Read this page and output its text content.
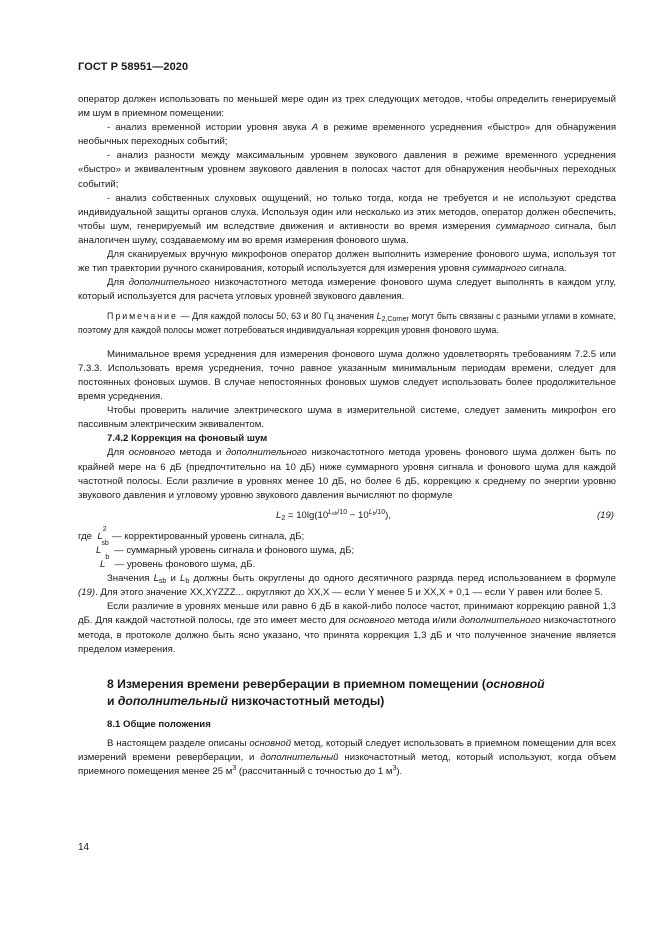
ГОСТ Р 58951—2020

оператор должен использовать по меньшей мере один из трех следующих методов, чтобы определить генерируемый им шум в приемном помещении:

- анализ временной истории уровня звука A в режиме временного усреднения «быстро» для обнаружения необычных переходных событий;

- анализ разности между максимальным уровнем звукового давления в режиме временного усреднения «быстро» и эквивалентным уровнем звукового давления в полосах частот для обнаружения необычных переходных событий;

- анализ собственных слуховых ощущений, но только тогда, когда не требуется и не используют средства индивидуальной защиты органов слуха. Используя один или несколько из этих методов, оператор должен обеспечить, чтобы шум, генерируемый им вследствие движения и активности во время измерения суммарного сигнала, был аналогичен шуму, создаваемому им во время измерения фонового шума.

Для сканируемых вручную микрофонов оператор должен выполнить измерение фонового шума, используя тот же тип траектории ручного сканирования, который используется для измерения уровня суммарного сигнала.

Для дополнительного низкочастотного метода измерение фонового шума следует выполнять в каждом углу, который используется для расчета угловых уровней звукового давления.

Примечание — Для каждой полосы 50, 63 и 80 Гц значения $L_{2,Corner}$ могут быть связаны с разными углами в комнате, поэтому для каждой полосы может потребоваться индивидуальная коррекция уровня фонового шума.

Минимальное время усреднения для измерения фонового шума должно удовлетворять требованиям 7.2.5 или 7.3.3. Использовать время усреднения, точно равное указанным минимальным периодам времени, следует для постоянных фоновых шумов. В случае непостоянных фоновых шумов следует использовать более продолжительное время усреднения.

Чтобы проверить наличие электрического шума в измерительной системе, следует заменить микрофон его пассивным электрическим эквивалентом.

7.4.2 Коррекция на фоновый шум

Для основного метода и дополнительного низкочастотного метода уровень фонового шума должен быть по крайней мере на 6 дБ (предпочтительно на 10 дБ) ниже суммарного уровня сигнала и фонового шума для каждой частотной полосы. Если различие в уровнях менее 10 дБ, но более 6 дБ, коррекцию к среднему по энергии уровню звукового давления и угловому уровню звукового давления вычисляют по формуле

$L_2 = 10\lg(10^{L_{sb}/10} - 10^{L_b/10})$,	(19)
где
L
2

— корректированный уровень сигнала, дБ;
L
sb

— суммарный уровень сигнала и фонового шума, дБ;
L
b

— уровень фонового шума, дБ.

Значения $L_{sb}$ и $L_b$ должны быть округлены до одного десятичного разряда перед использованием в формуле (19). Для этого значение XX,XYZZZ... округляют до XX,X — если Y менее 5 и XX,X + 0,1 — если Y равен или более 5.

Если различие в уровнях меньше или равно 6 дБ в какой-либо полосе частот, принимают коррекцию равной 1,3 дБ. Для каждой частотной полосы, где это имеет место для основного метода и/или дополнительного низкочастотного метода, в протоколе должно быть ясно указано, что принята коррекция 1,3 дБ и что полученное значение является пределом измерения.

8 Измерения времени реверберации в приемном помещении (основной
и дополнительный низкочастотный методы)

8.1 Общие положения

В настоящем разделе описаны основной метод, который следует использовать в приемном помещении для всех измерений времени реверберации, и дополнительный низкочастотный метод, который используют, когда объем приемного помещения менее 25 $м^3$ (рассчитанный с точностью до 1 $м^3$).

14
